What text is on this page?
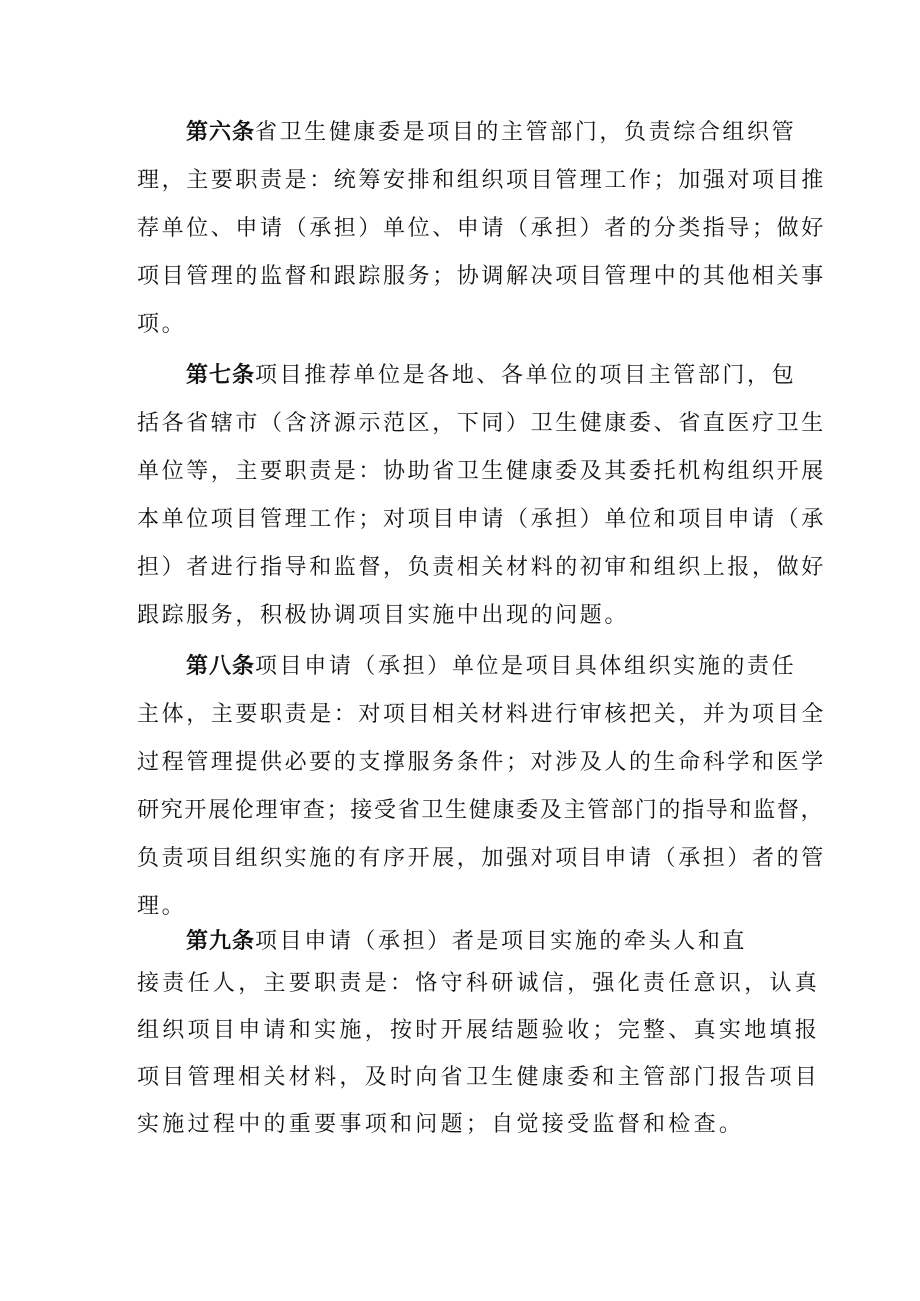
第六条省卫生健康委是项目的主管部门，负责综合组织管
理，主要职责是：统筹安排和组织项目管理工作；加强对项目推
荐单位、申请（承担）单位、申请（承担）者的分类指导；做好
项目管理的监督和跟踪服务；协调解决项目管理中的其他相关事
项。
第七条项目推荐单位是各地、各单位的项目主管部门，包
括各省辖市（含济源示范区，下同）卫生健康委、省直医疗卫生
单位等，主要职责是：协助省卫生健康委及其委托机构组织开展
本单位项目管理工作；对项目申请（承担）单位和项目申请（承
担）者进行指导和监督，负责相关材料的初审和组织上报，做好
跟踪服务，积极协调项目实施中出现的问题。
第八条项目申请（承担）单位是项目具体组织实施的责任
主体，主要职责是：对项目相关材料进行审核把关，并为项目全
过程管理提供必要的支撑服务条件；对涉及人的生命科学和医学
研究开展伦理审查；接受省卫生健康委及主管部门的指导和监督，
负责项目组织实施的有序开展，加强对项目申请（承担）者的管
理。
第九条项目申请（承担）者是项目实施的牵头人和直
接责任人，主要职责是：恪守科研诚信，强化责任意识，认真
组织项目申请和实施，按时开展结题验收；完整、真实地填报
项目管理相关材料，及时向省卫生健康委和主管部门报告项目
实施过程中的重要事项和问题；自觉接受监督和检查。
